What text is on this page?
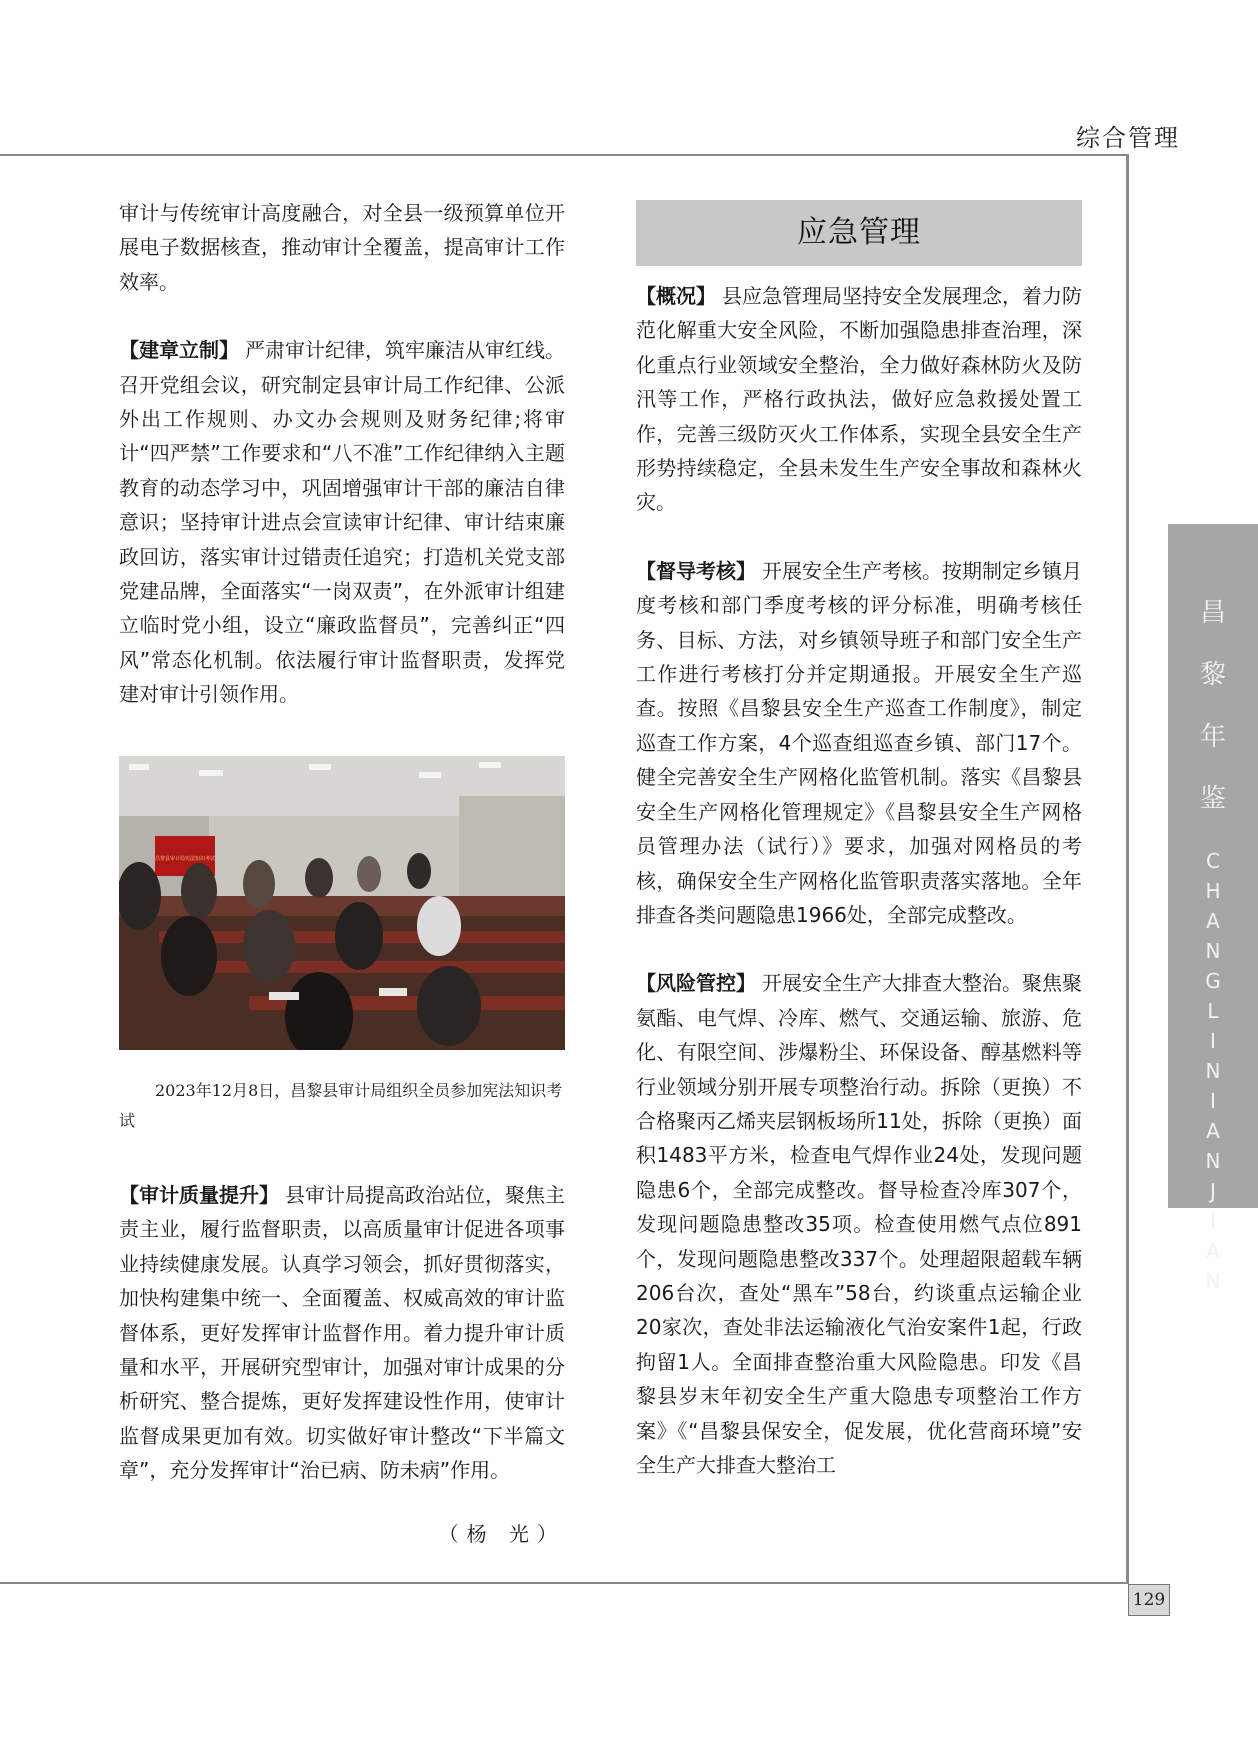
综合管理
129
昌
黎
年
鉴
C
H
A
N
G
L
I
N
I
A
N
J
I
A
N

审计与传统审计高度融合，对全县一级预算单位开展电子数据核查，推动审计全覆盖，提高审计工作效率。

【建章立制】 严肃审计纪律，筑牢廉洁从审红线。召开党组会议，研究制定县审计局工作纪律、公派外出工作规则、办文办会规则及财务纪律;将审计“四严禁”工作要求和“八不准”工作纪律纳入主题教育的动态学习中，巩固增强审计干部的廉洁自律意识；坚持审计进点会宣读审计纪律、审计结束廉政回访，落实审计过错责任追究；打造机关党支部党建品牌，全面落实“一岗双责”，在外派审计组建立临时党小组，设立“廉政监督员”，完善纠正“四风”常态化机制。依法履行审计监督职责，发挥党建对审计引领作用。

昌黎县审计局宪法知识考试
2023年12月8日，昌黎县审计局组织全员参加宪法知识考试

【审计质量提升】 县审计局提高政治站位，聚焦主责主业，履行监督职责，以高质量审计促进各项事业持续健康发展。认真学习领会，抓好贯彻落实，加快构建集中统一、全面覆盖、权威高效的审计监督体系，更好发挥审计监督作用。着力提升审计质量和水平，开展研究型审计，加强对审计成果的分析研究、整合提炼，更好发挥建设性作用，使审计监督成果更加有效。切实做好审计整改“下半篇文章”，充分发挥审计“治已病、防未病”作用。

（杨 光）
应急管理

【概况】 县应急管理局坚持安全发展理念，着力防范化解重大安全风险，不断加强隐患排查治理，深化重点行业领域安全整治，全力做好森林防火及防汛等工作，严格行政执法，做好应急救援处置工作，完善三级防灭火工作体系，实现全县安全生产形势持续稳定，全县未发生生产安全事故和森林火灾。

【督导考核】 开展安全生产考核。按期制定乡镇月度考核和部门季度考核的评分标准，明确考核任务、目标、方法，对乡镇领导班子和部门安全生产工作进行考核打分并定期通报。开展安全生产巡查。按照《昌黎县安全生产巡查工作制度》，制定巡查工作方案，4个巡查组巡查乡镇、部门17个。健全完善安全生产网格化监管机制。落实《昌黎县安全生产网格化管理规定》《昌黎县安全生产网格员管理办法（试行）》要求，加强对网格员的考核，确保安全生产网格化监管职责落实落地。全年排查各类问题隐患1966处，全部完成整改。

【风险管控】 开展安全生产大排查大整治。聚焦聚氨酯、电气焊、冷库、燃气、交通运输、旅游、危化、有限空间、涉爆粉尘、环保设备、醇基燃料等行业领域分别开展专项整治行动。拆除（更换）不合格聚丙乙烯夹层钢板场所11处，拆除（更换）面积1483平方米，检查电气焊作业24处，发现问题隐患6个，全部完成整改。督导检查冷库307个，发现问题隐患整改35项。检查使用燃气点位891个，发现问题隐患整改337个。处理超限超载车辆206台次，查处“黑车”58台，约谈重点运输企业20家次，查处非法运输液化气治安案件1起，行政拘留1人。全面排查整治重大风险隐患。印发《昌黎县岁末年初安全生产重大隐患专项整治工作方案》《“昌黎县保安全，促发展，优化营商环境”安全生产大排查大整治工
